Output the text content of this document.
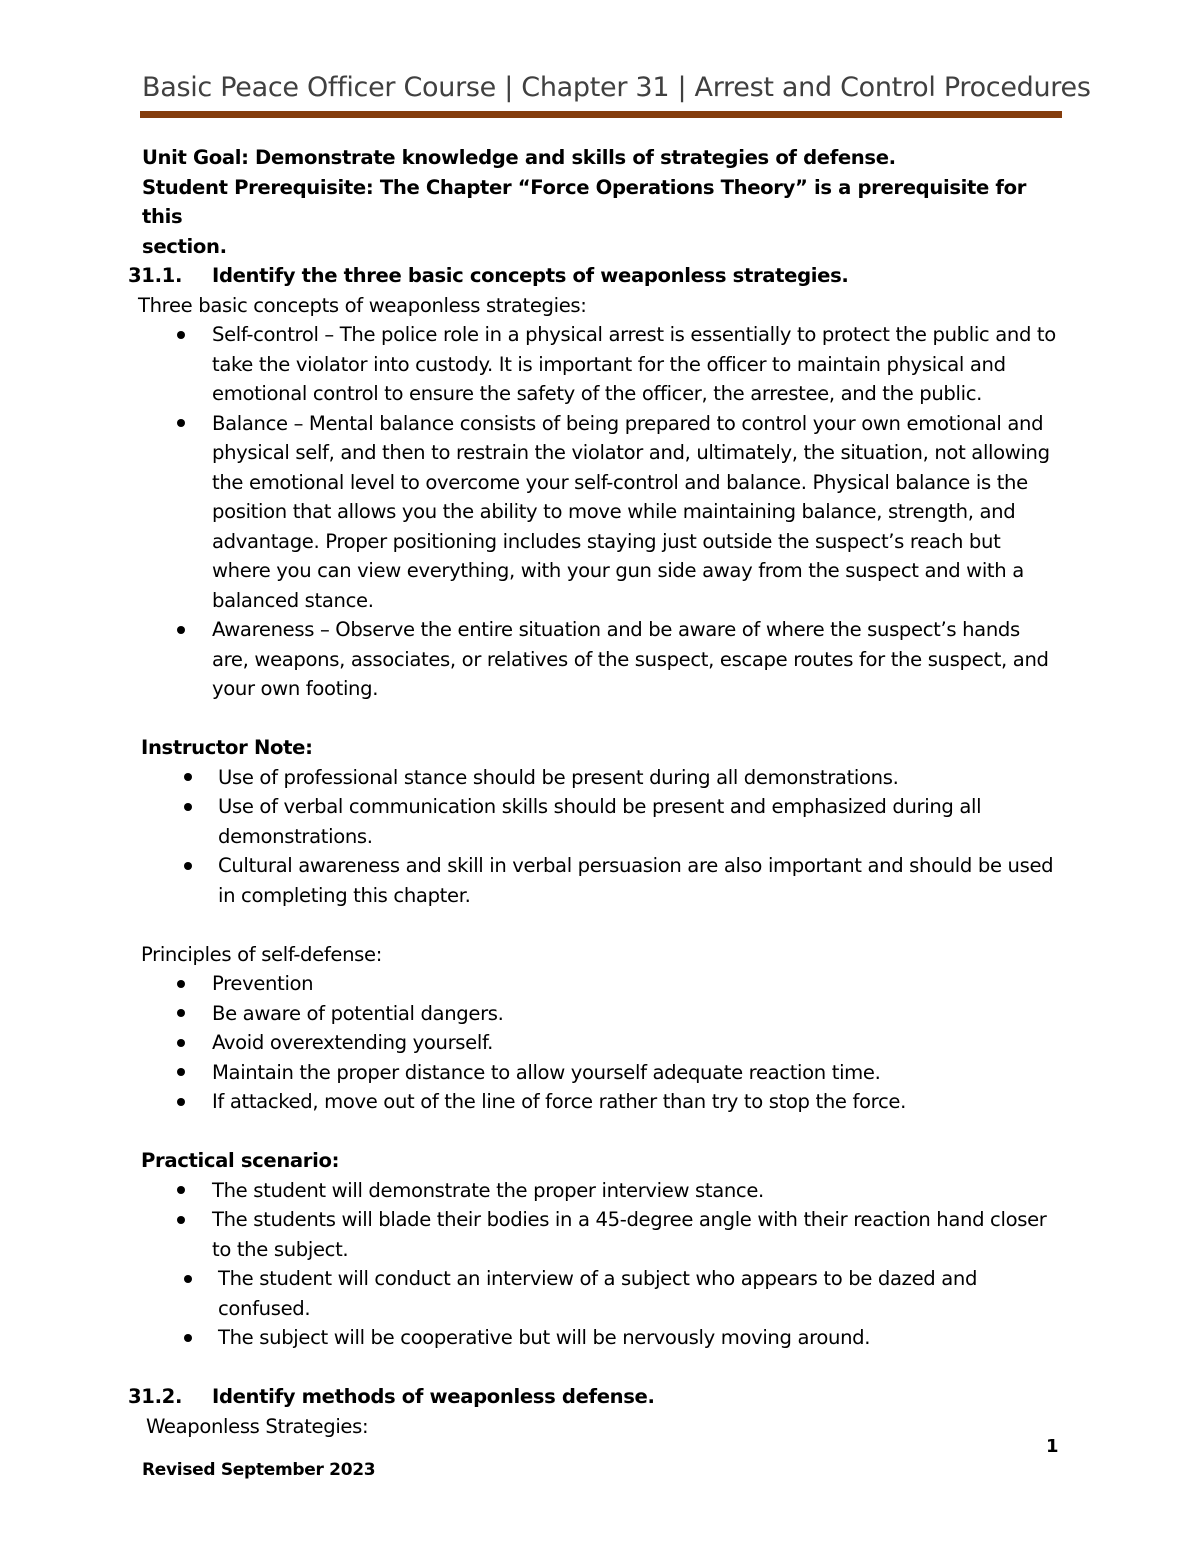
Basic Peace Officer Course | Chapter 31 | Arrest and Control Procedures
Unit Goal: Demonstrate knowledge and skills of strategies of defense.
Student Prerequisite: The Chapter “Force Operations Theory” is a prerequisite for this
section.
31.1.	Identify the three basic concepts of weaponless strategies.
Three basic concepts of weaponless strategies:
Self-control – The police role in a physical arrest is essentially to protect the public and to take the violator into custody. It is important for the officer to maintain physical and emotional control to ensure the safety of the officer, the arrestee, and the public.
Balance – Mental balance consists of being prepared to control your own emotional and physical self, and then to restrain the violator and, ultimately, the situation, not allowing the emotional level to overcome your self-control and balance. Physical balance is the position that allows you the ability to move while maintaining balance, strength, and advantage. Proper positioning includes staying just outside the suspect’s reach but where you can view everything, with your gun side away from the suspect and with a balanced stance.
Awareness – Observe the entire situation and be aware of where the suspect’s hands are, weapons, associates, or relatives of the suspect, escape routes for the suspect, and your own footing.
Instructor Note:
Use of professional stance should be present during all demonstrations.
Use of verbal communication skills should be present and emphasized during all demonstrations.
Cultural awareness and skill in verbal persuasion are also important and should be used in completing this chapter.
Principles of self-defense:
Prevention
Be aware of potential dangers.
Avoid overextending yourself.
Maintain the proper distance to allow yourself adequate reaction time.
If attacked, move out of the line of force rather than try to stop the force.
Practical scenario:
The student will demonstrate the proper interview stance.
The students will blade their bodies in a 45-degree angle with their reaction hand closer to the subject.
The student will conduct an interview of a subject who appears to be dazed and confused.
The subject will be cooperative but will be nervously moving around.
31.2.	Identify methods of weaponless defense.
Weaponless Strategies:
1
Revised September 2023
